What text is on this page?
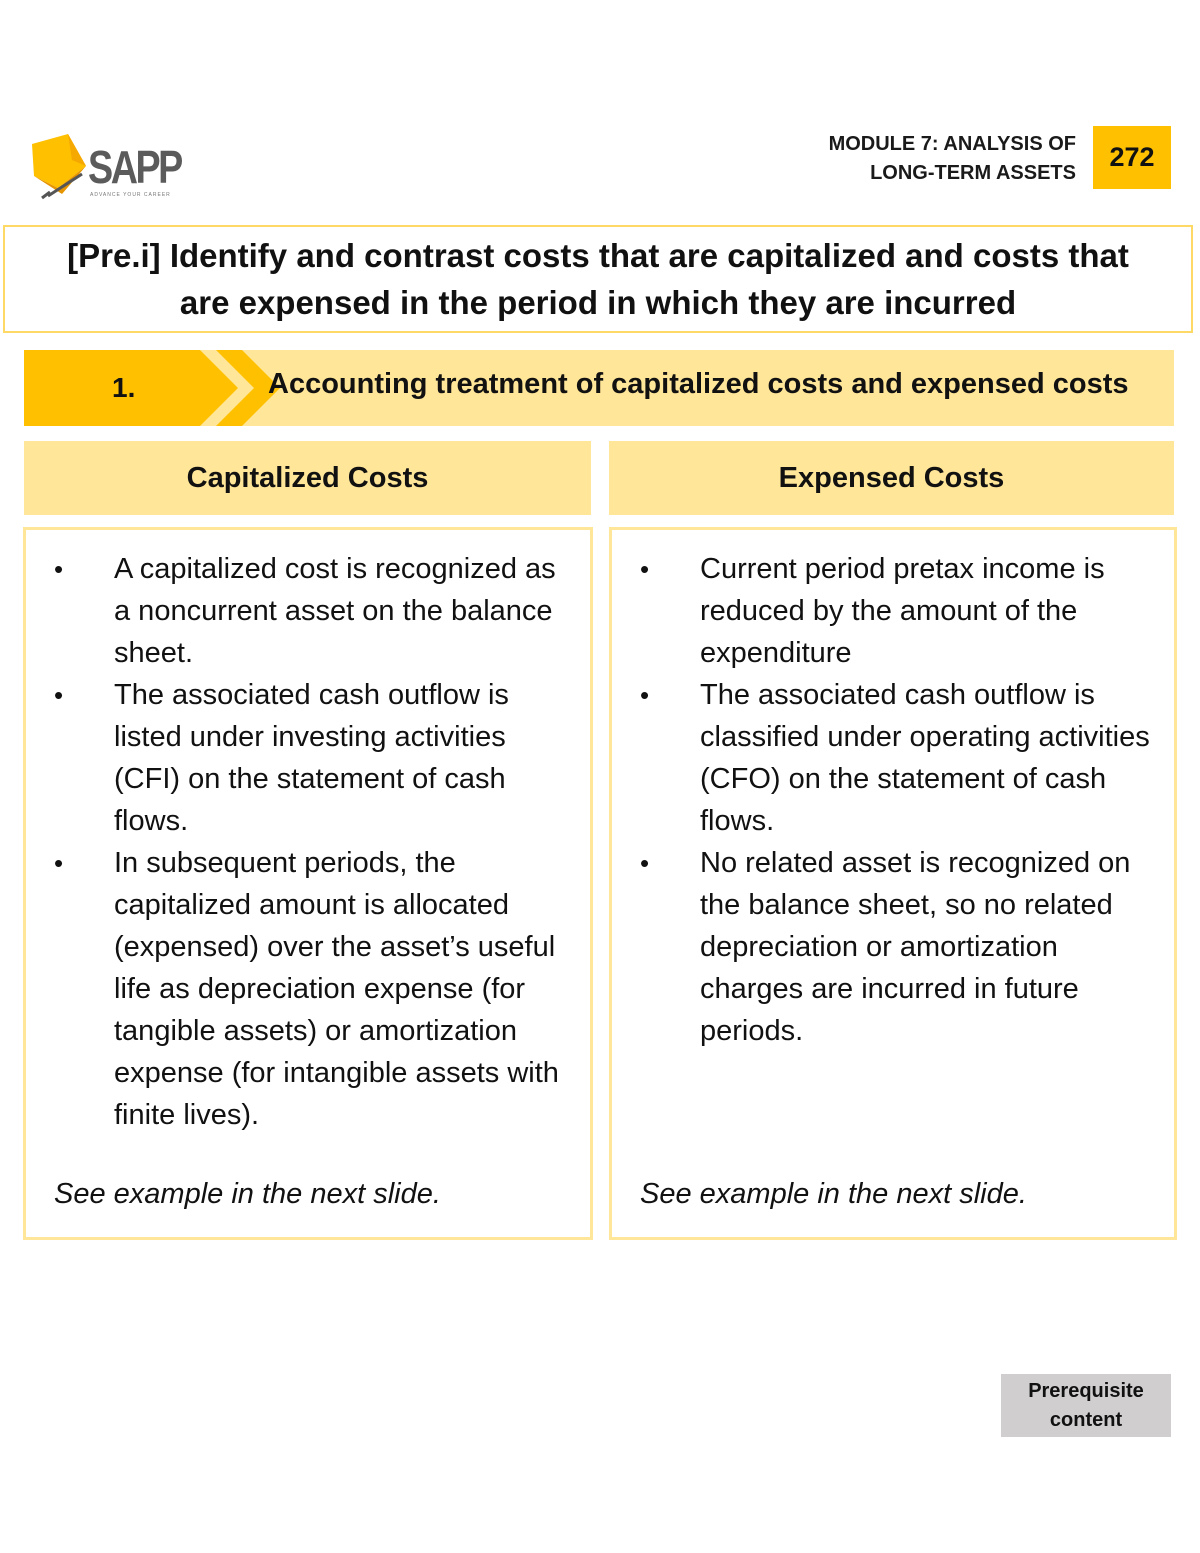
SAPP
ADVANCE YOUR CAREER
MODULE 7: ANALYSIS OF
LONG-TERM ASSETS
272
[Pre.i] Identify and contrast costs that are capitalized and costs that
are expensed in the period in which they are incurred
1.	Accounting treatment of capitalized costs and expensed costs
Capitalized Costs	Expensed Costs
•	A capitalized cost is recognized as a noncurrent asset on the balance sheet.
•	The associated cash outflow is listed under investing activities (CFI) on the statement of cash flows.
•	In subsequent periods, the capitalized amount is allocated (expensed) over the asset’s useful life as depreciation expense (for tangible assets) or amortization expense (for intangible assets with finite lives).
See example in the next slide.
•	Current period pretax income is reduced by the amount of the expenditure
•	The associated cash outflow is classified under operating activities (CFO) on the statement of cash flows.
•	No related asset is recognized on the balance sheet, so no related depreciation or amortization charges are incurred in future periods.
See example in the next slide.
Prerequisite
content
